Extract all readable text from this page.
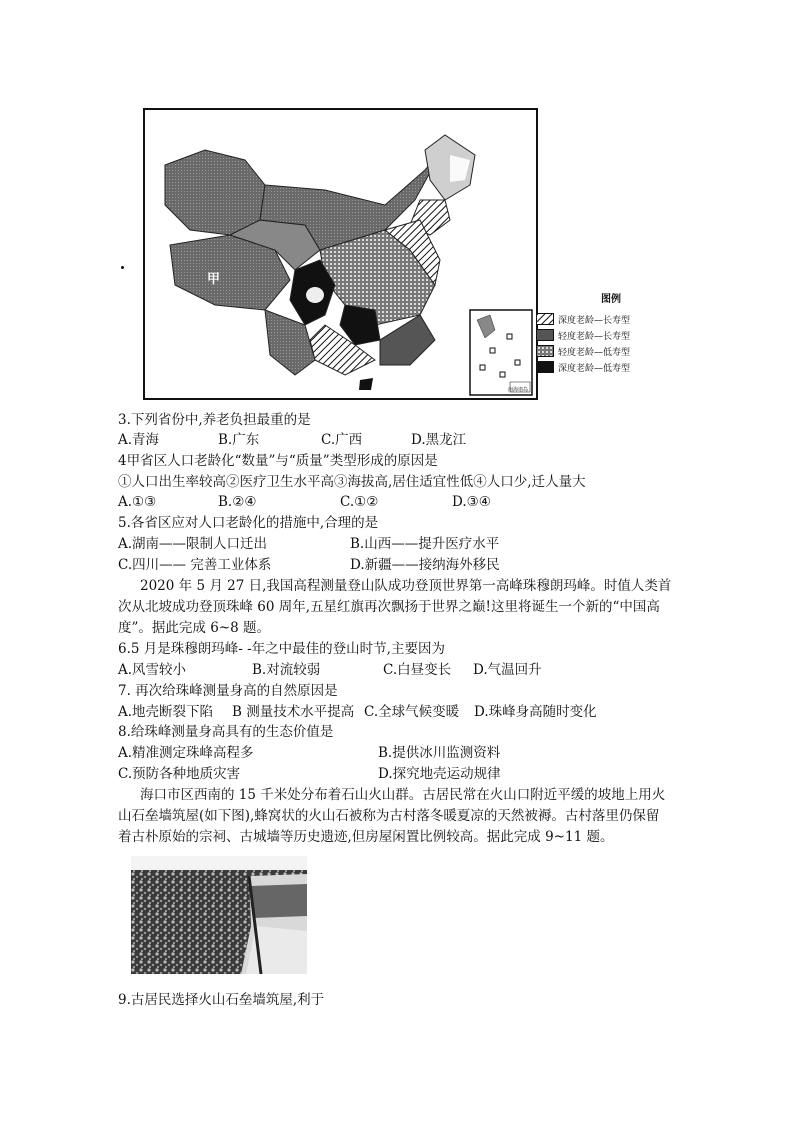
甲
南海诸岛
图例
深度老龄—长寿型
轻度老龄—长寿型
轻度老龄—低寿型
深度老龄—低寿型
3.下列省份中,养老负担最重的是
A.青海	B.广东	C.广西	D.黑龙江
4甲省区人口老龄化“数量”与“质量”类型形成的原因是
①人口出生率较高②医疗卫生水平高③海拔高,居住适宜性低④人口少,迁人量大
A.①③	B.②④	C.①②	D.③④
5.各省区应对人口老龄化的措施中,合理的是
A.湖南——限制人口迁出	B.山西——提升医疗水平
C.四川—— 完善工业体系	D.新疆——接纳海外移民
2020 年 5 月 27 日,我国高程测量登山队成功登顶世界第一高峰珠穆朗玛峰。时值人类首
次从北坡成功登顶珠峰 60 周年,五星红旗再次飘扬于世界之巅!这里将诞生一个新的“中国高
度”。据此完成 6~8 题。
6.5 月是珠穆朗玛峰- -年之中最佳的登山时节,主要因为
A.风雪较小	B.对流较弱	C.白昼变长 D.气温回升
7. 再次给珠峰测量身高的自然原因是
A.地壳断裂下陷 B 测量技术水平提高 C.全球气候变暖 D.珠峰身高随时变化
8.给珠峰测量身高具有的生态价值是
A.精准测定珠峰高程多	B.提供冰川监测资料
C.预防各种地质灾害	D.探究地壳运动规律
海口市区西南的 15 千米处分布着石山火山群。古居民常在火山口附近平缓的坡地上用火
山石垒墙筑屋(如下图),蜂窝状的火山石被称为古村落冬暖夏凉的天然被褥。古村落里仍保留
着古朴原始的宗祠、古城墙等历史遗迹,但房屋闲置比例较高。据此完成 9~11 题。
9.古居民选择火山石垒墙筑屋,利于
